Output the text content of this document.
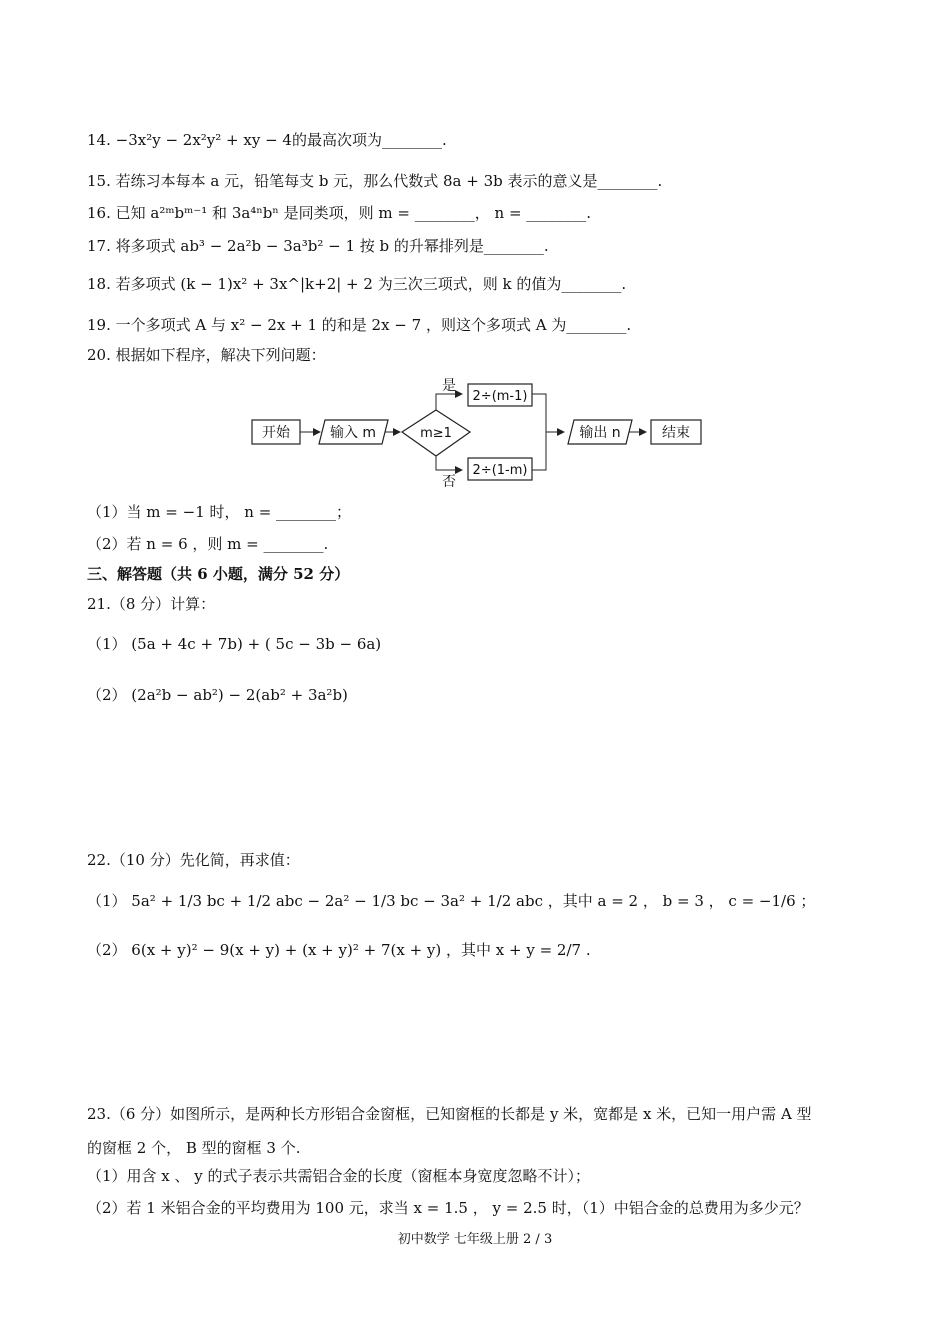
14. −3x²y − 2x²y² + xy − 4的最高次项为________.
15. 若练习本每本 a 元，铅笔每支 b 元，那么代数式 8a + 3b 表示的意义是________.
16. 已知 a²ᵐbᵐ⁻¹ 和 3a⁴ⁿbⁿ 是同类项，则 m = ________， n = ________.
17. 将多项式 ab³ − 2a²b − 3a³b² − 1 按 b 的升幂排列是________.
18. 若多项式 (k − 1)x² + 3x^|k+2| + 2 为三次三项式，则 k 的值为________.
19. 一个多项式 A 与 x² − 2x + 1 的和是 2x − 7 ，则这个多项式 A 为________.
20. 根据如下程序，解决下列问题：
开始	输入 m	m≥1
是
2÷(m-1)
否
2÷(1-m)
输出 n	结束
（1）当 m = −1 时， n = ________；
（2）若 n = 6 ，则 m = ________.
三、解答题（共 6 小题，满分 52 分）
21.（8 分）计算：
（1） (5a + 4c + 7b) + ( 5c − 3b − 6a)
（2） (2a²b − ab²) − 2(ab² + 3a²b)
22.（10 分）先化简，再求值：
（1） 5a² + 1/3 bc + 1/2 abc − 2a² − 1/3 bc − 3a² + 1/2 abc ，其中 a = 2 ， b = 3 ， c = −1/6 ；
（2） 6(x + y)² − 9(x + y) + (x + y)² + 7(x + y) ，其中 x + y = 2/7 .
23.（6 分）如图所示，是两种长方形铝合金窗框，已知窗框的长都是 y 米，宽都是 x 米，已知一用户需 A 型
的窗框 2 个， B 型的窗框 3 个.
（1）用含 x 、 y 的式子表示共需铝合金的长度（窗框本身宽度忽略不计）；
（2）若 1 米铝合金的平均费用为 100 元，求当 x = 1.5 ， y = 2.5 时，（1）中铝合金的总费用为多少元？
初中数学 七年级上册 2 / 3
